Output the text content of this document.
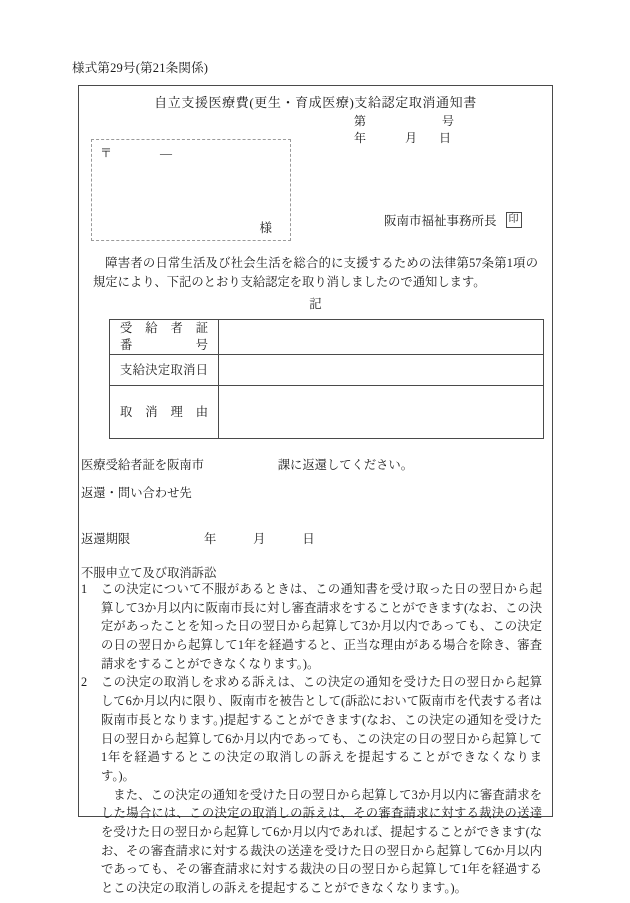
様式第29号(第21条関係)
自立支援医療費(更生・育成医療)支給認定取消通知書
第	号
年	月	日
〒　　　　―
様	阪南市福祉事務所長	印
障害者の日常生活及び社会生活を総合的に支援するための法律第57条第1項の規定により、下記のとおり支給認定を取り消しましたので通知します。
記
受給者証
番　　号	

支給決定取消日	

取消理由	

医療受給者証を阪南市　　　　　　課に返還してください。
返還・問い合わせ先
返還期限　　　　　　年　　　月　　　日
不服申立て及び取消訴訟
1	この決定について不服があるときは、この通知書を受け取った日の翌日から起算して3か月以内に阪南市長に対し審査請求をすることができます(なお、この決定があったことを知った日の翌日から起算して3か月以内であっても、この決定の日の翌日から起算して1年を経過すると、正当な理由がある場合を除き、審査請求をすることができなくなります。)。

2	この決定の取消しを求める訴えは、この決定の通知を受けた日の翌日から起算して6か月以内に限り、阪南市を被告として(訴訟において阪南市を代表する者は阪南市長となります。)提起することができます(なお、この決定の通知を受けた日の翌日から起算して6か月以内であっても、この決定の日の翌日から起算して1年を経過するとこの決定の取消しの訴えを提起することができなくなります。)。

また、この決定の通知を受けた日の翌日から起算して3か月以内に審査請求をした場合には、この決定の取消しの訴えは、その審査請求に対する裁決の送達を受けた日の翌日から起算して6か月以内であれば、提起することができます(なお、その審査請求に対する裁決の送達を受けた日の翌日から起算して6か月以内であっても、その審査請求に対する裁決の日の翌日から起算して1年を経過するとこの決定の取消しの訴えを提起することができなくなります。)。
